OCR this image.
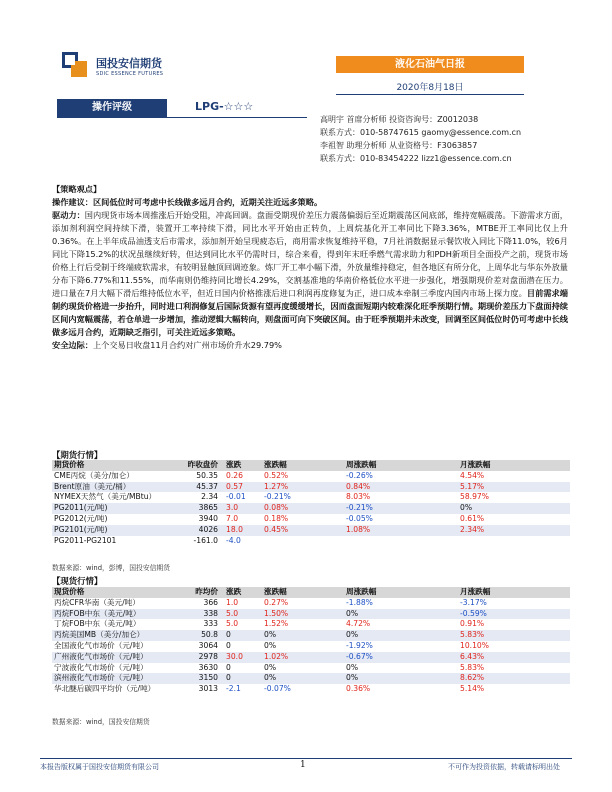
国投安信期货
SDIC ESSENCE FUTURES
液化石油气日报
2020年8月18日
操作评级	LPG-☆☆☆
高明宇 首席分析师 投资咨询号：Z0012038
联系方式：010-58747615 gaomy@essence.com.cn
李祖智 助理分析师 从业资格号：F3063857
联系方式：010-83454222 lizz1@essence.com.cn

【策略观点】

操作建议：区间低位时可考虑中长线做多远月合约，近期关注近远多策略。

驱动力：国内现货市场本周推涨后开始受阻，冲高回调。盘面受期现价差压力震荡偏弱后至近期震荡区间底部，维持宽幅震荡。下游需求方面，添加剂利润空间持续下滑，装置开工率持续下滑，同比水平开始由正转负，上周烷基化开工率同比下降3.36%，MTBE开工率同比仅上升0.36%。在上半年成品油透支后市需求，添加剂开始呈现疲态后，商用需求恢复维持平稳，7月社消数据显示餐饮收入同比下降11.0%，较6月同比下降15.2%的状况虽继续好转，但达到同比水平仍需时日，综合来看，得到年末旺季燃气需求助力和PDH新项目全面投产之前，现货市场价格上行后受制于终端疲软需求，有较明显触顶回调迹象。炼厂开工率小幅下滑，外放量维持稳定，但各地区有所分化，上周华北与华东外放量分布下降6.77%和11.55%，而华南则仍维持同比增长4.29%，交割基准地的华南价格低位水平进一步强化，增强期现价差对盘面潜在压力。进口量在7月大幅下滑后维持低位水平，但近日国内价格推涨后进口利润再度修复为正，进口成本牵制三季度内国内市场上探力度。目前需求端制约现货价格进一步抬升，同时进口利润修复后国际货源有望再度缓缓增长，因而盘面短期内较难深化旺季预期行情。期现价差压力下盘面持续区间内宽幅震荡，若仓单进一步增加，推动逻辑大幅转向，则盘面可向下突破区间。由于旺季预期并未改变，回调至区间低位时仍可考虑中长线做多远月合约，近期缺乏指引，可关注近远多策略。

安全边际：上个交易日收盘11月合约对广州市场价升水29.79%

【期货行情】
期货价格	昨收盘价	涨跌	涨跌幅	周涨跌幅	月涨跌幅
CME丙烷（美分/加仑）	50.35	0.26	0.52%	-0.26%	4.54%
Brent原油（美元/桶）	45.37	0.57	1.27%	0.84%	5.17%
NYMEX天然气（美元/MBtu）	2.34	-0.01	-0.21%	8.03%	58.97%
PG2011(元/吨)	3865	3.0	0.08%	-0.21%	0%
PG2012(元/吨)	3940	7.0	0.18%	-0.05%	0.61%
PG2101(元/吨)	4026	18.0	0.45%	1.08%	2.34%
PG2011-PG2101	-161.0	-4.0			
数据来源：wind，彭博，国投安信期货
【现货行情】
现货价格	昨均价	涨跌	涨跌幅	周涨跌幅	月涨跌幅
丙烷CFR华南（美元/吨）	366	1.0	0.27%	-1.88%	-3.17%
丙烷FOB中东（美元/吨）	338	5.0	1.50%	0%	-0.59%
丁烷FOB中东（美元/吨）	333	5.0	1.52%	4.72%	0.91%
丙烷美国MB（美分/加仑）	50.8	0	0%	0%	5.83%
全国液化气市场价（元/吨）	3064	0	0%	-1.92%	10.10%
广州液化气市场价（元/吨）	2978	30.0	1.02%	-0.67%	6.43%
宁波液化气市场价（元/吨）	3630	0	0%	0%	5.83%
滨州液化气市场价（元/吨）	3150	0	0%	0%	8.62%
华北醚后碳四平均价（元/吨）	3013	-2.1	-0.07%	0.36%	5.14%
数据来源：wind，国投安信期货
本报告版权属于国投安信期货有限公司	1	不可作为投资依据，转载请标明出处
